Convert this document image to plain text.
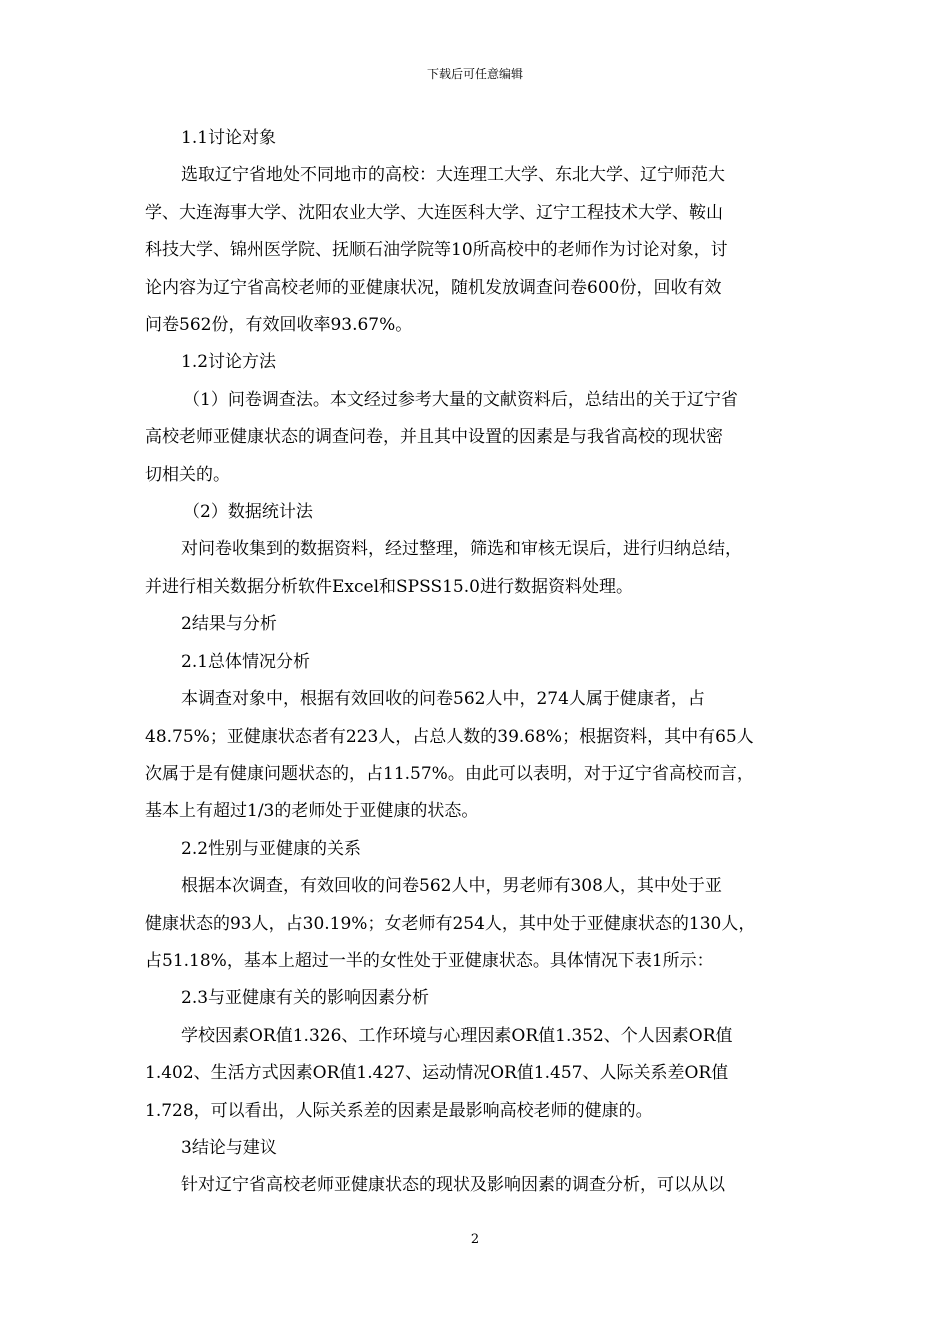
下载后可任意编辑

1.1讨论对象

选取辽宁省地处不同地市的高校：大连理工大学、东北大学、辽宁师范大
学、大连海事大学、沈阳农业大学、大连医科大学、辽宁工程技术大学、鞍山
科技大学、锦州医学院、抚顺石油学院等10所高校中的老师作为讨论对象，讨
论内容为辽宁省高校老师的亚健康状况，随机发放调查问卷600份，回收有效
问卷562份，有效回收率93.67%。

1.2讨论方法

（1）问卷调查法。本文经过参考大量的文献资料后，总结出的关于辽宁省
高校老师亚健康状态的调查问卷，并且其中设置的因素是与我省高校的现状密
切相关的。

（2）数据统计法

对问卷收集到的数据资料，经过整理，筛选和审核无误后，进行归纳总结，
并进行相关数据分析软件Excel和SPSS15.0进行数据资料处理。

2结果与分析

2.1总体情况分析

本调查对象中，根据有效回收的问卷562人中，274人属于健康者，占
48.75%；亚健康状态者有223人，占总人数的39.68%；根据资料，其中有65人
次属于是有健康问题状态的，占11.57%。由此可以表明，对于辽宁省高校而言，
基本上有超过1/3的老师处于亚健康的状态。

2.2性别与亚健康的关系

根据本次调查，有效回收的问卷562人中，男老师有308人，其中处于亚
健康状态的93人，占30.19%；女老师有254人，其中处于亚健康状态的130人，
占51.18%，基本上超过一半的女性处于亚健康状态。具体情况下表1所示：

2.3与亚健康有关的影响因素分析

学校因素OR值1.326、工作环境与心理因素OR值1.352、个人因素OR值
1.402、生活方式因素OR值1.427、运动情况OR值1.457、人际关系差OR值
1.728，可以看出，人际关系差的因素是最影响高校老师的健康的。

3结论与建议

针对辽宁省高校老师亚健康状态的现状及影响因素的调查分析，可以从以

2
